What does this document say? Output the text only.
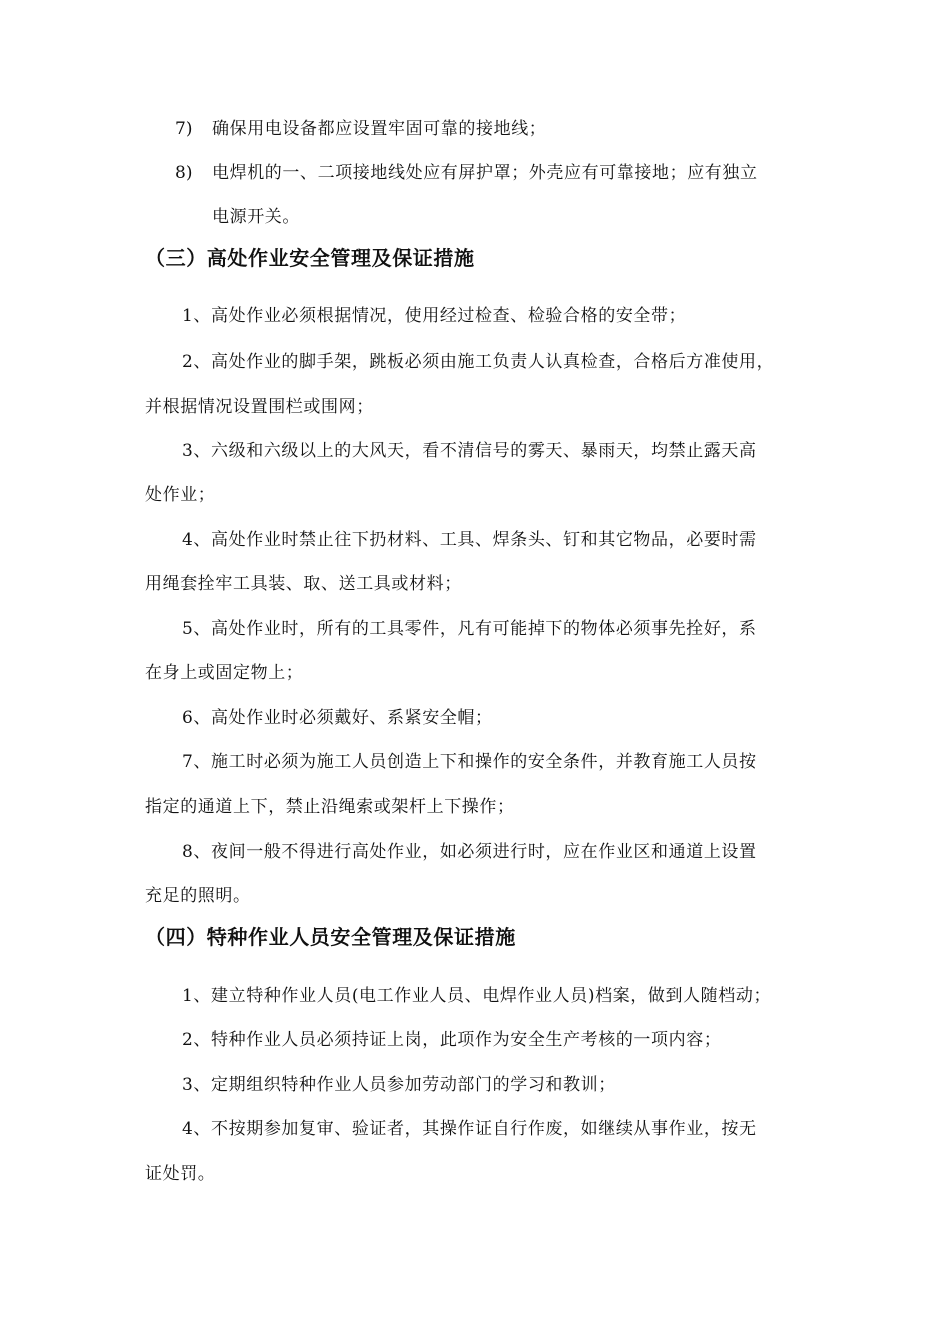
7) 确保用电设备都应设置牢固可靠的接地线；
8) 电焊机的一、二项接地线处应有屏护罩；外壳应有可靠接地；应有独立
电源开关。
（三）高处作业安全管理及保证措施
1、高处作业必须根据情况，使用经过检查、检验合格的安全带；
2、高处作业的脚手架，跳板必须由施工负责人认真检查，合格后方准使用，
并根据情况设置围栏或围网；
3、六级和六级以上的大风天，看不清信号的雾天、暴雨天，均禁止露天高
处作业；
4、高处作业时禁止往下扔材料、工具、焊条头、钉和其它物品，必要时需
用绳套拴牢工具装、取、送工具或材料；
5、高处作业时，所有的工具零件，凡有可能掉下的物体必须事先拴好，系
在身上或固定物上；
6、高处作业时必须戴好、系紧安全帽；
7、施工时必须为施工人员创造上下和操作的安全条件，并教育施工人员按
指定的通道上下，禁止沿绳索或架杆上下操作；
8、夜间一般不得进行高处作业，如必须进行时，应在作业区和通道上设置
充足的照明。
（四）特种作业人员安全管理及保证措施
1、建立特种作业人员(电工作业人员、电焊作业人员)档案，做到人随档动；
2、特种作业人员必须持证上岗，此项作为安全生产考核的一项内容；
3、定期组织特种作业人员参加劳动部门的学习和教训；
4、不按期参加复审、验证者，其操作证自行作废，如继续从事作业，按无
证处罚。
